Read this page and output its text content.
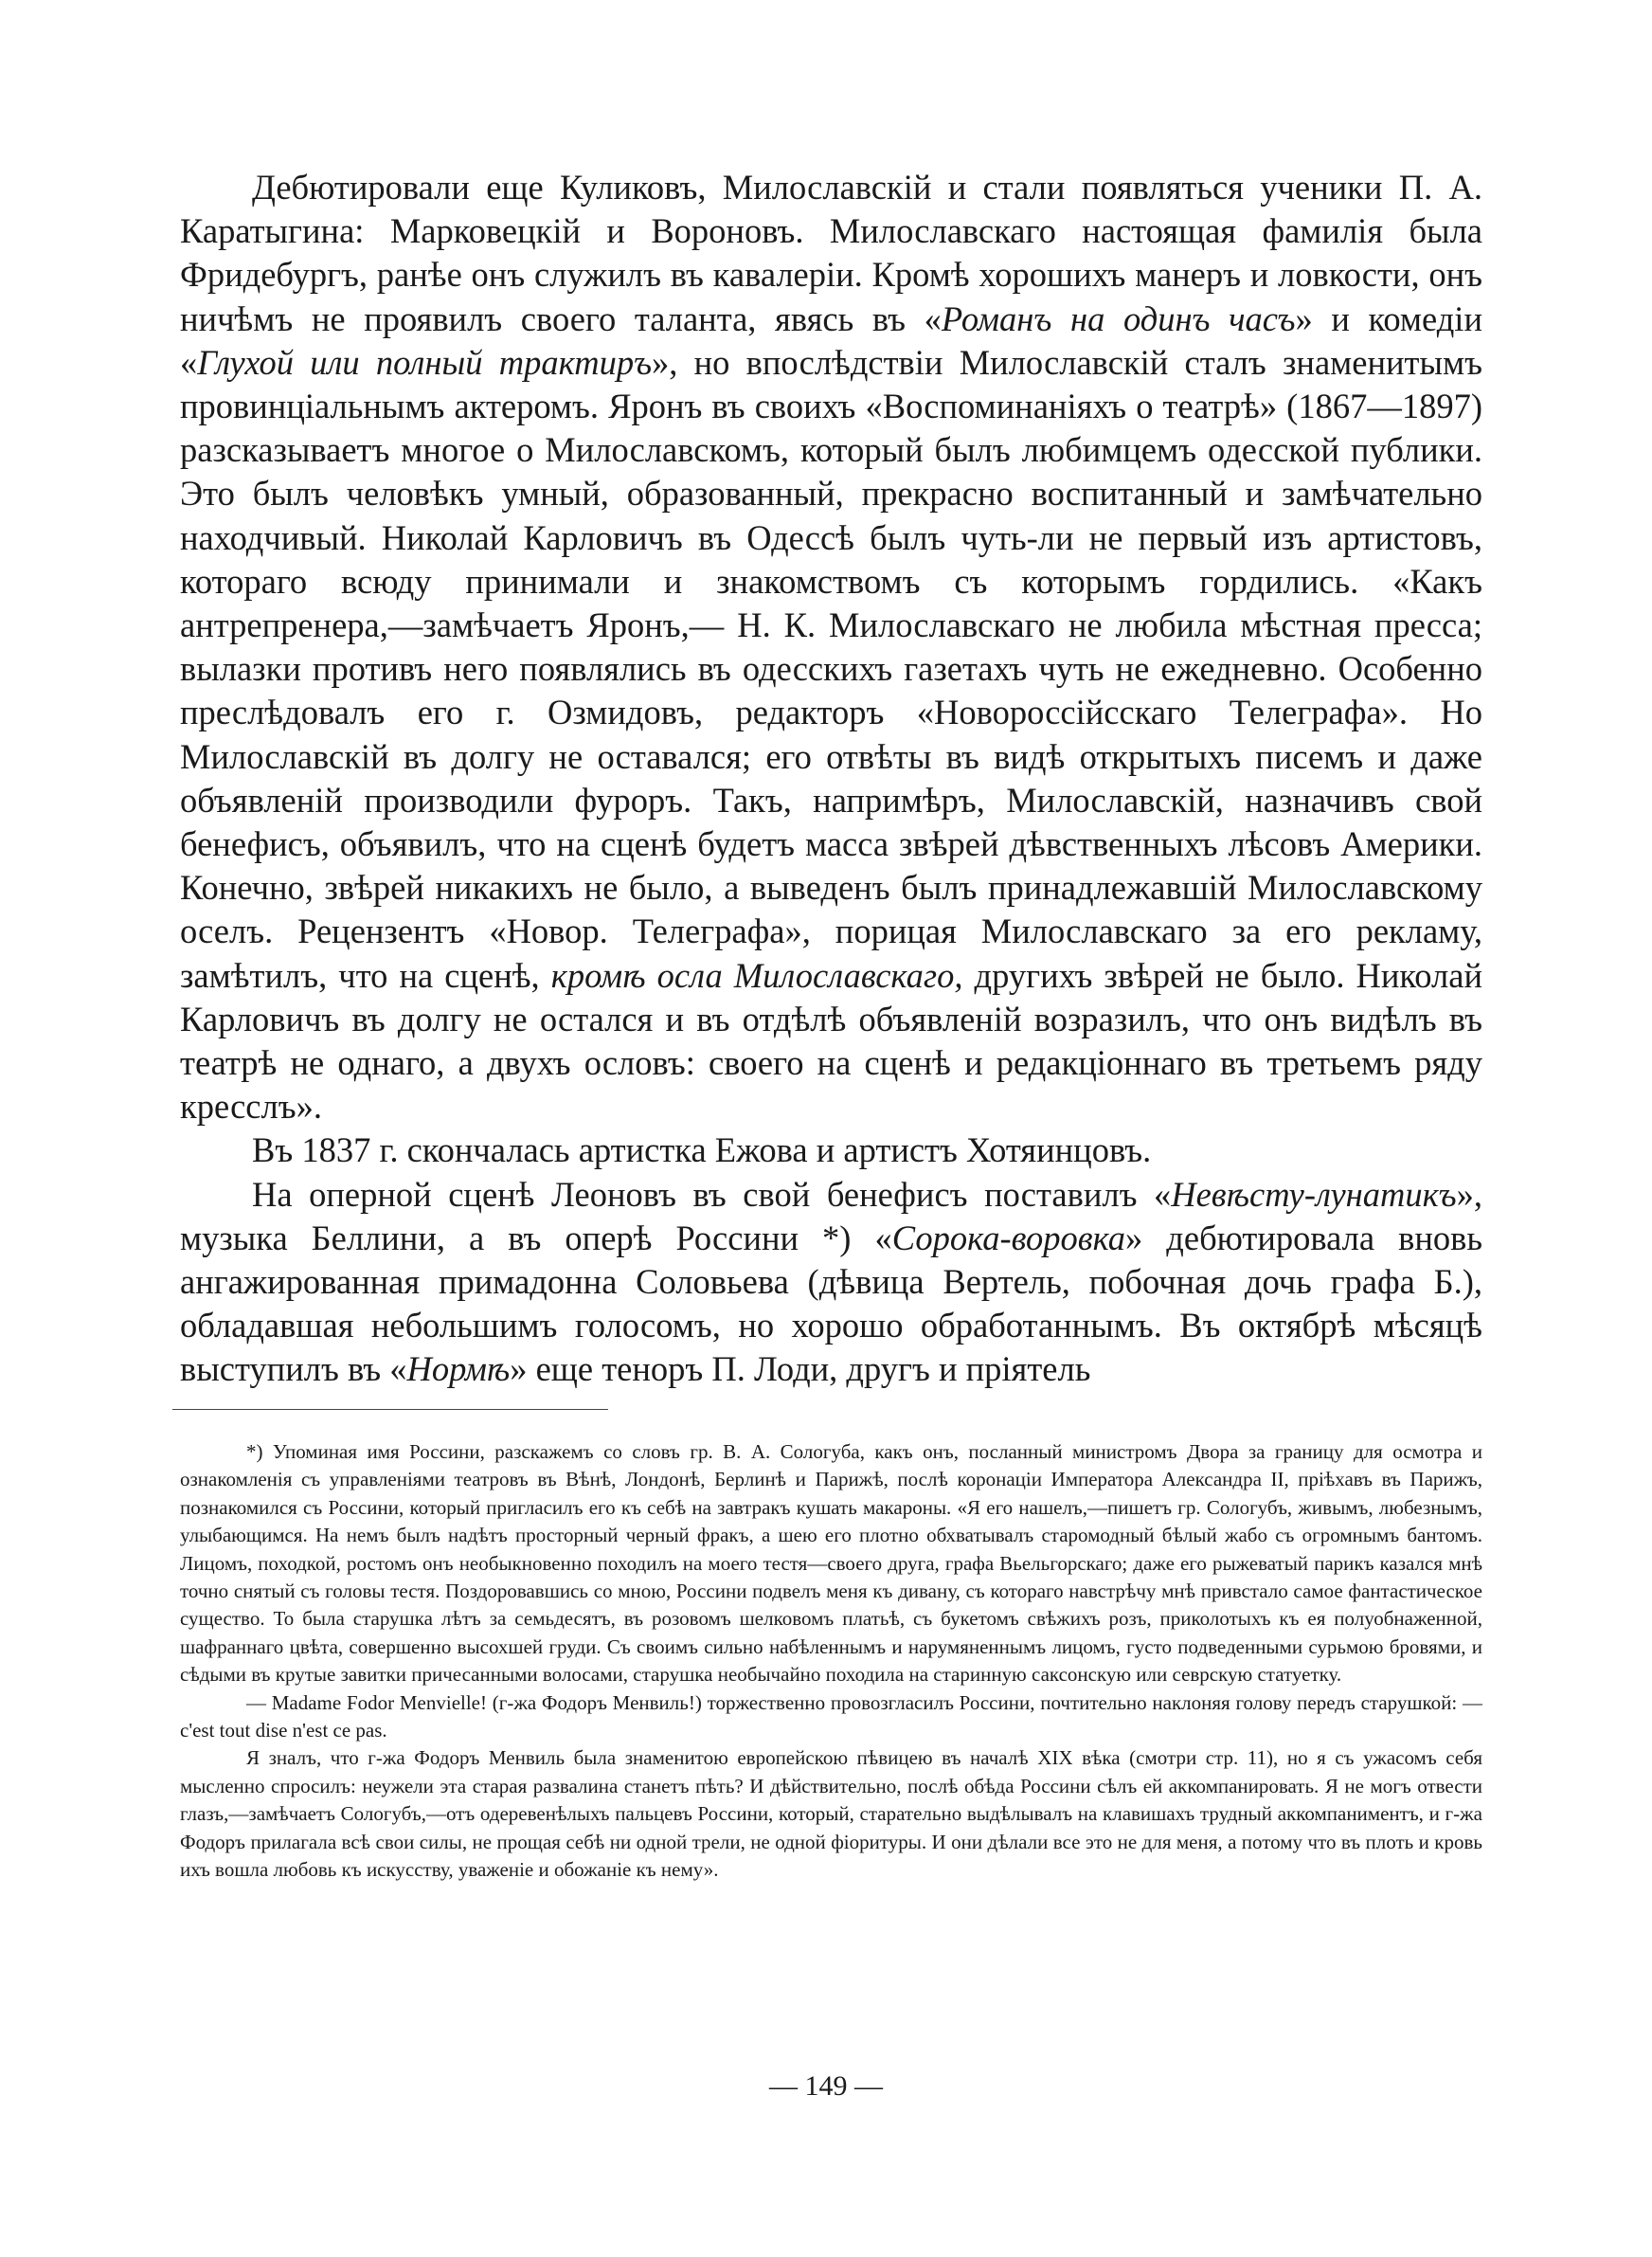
Дебютировали еще Куликовъ, Милославскій и стали появляться ученики П. А. Каратыгина: Марковецкій и Вороновъ. Милославскаго настоящая фамилія была Фридебургъ, ранѣе онъ служилъ въ кавалеріи. Кромѣ хорошихъ манеръ и ловкости, онъ ничѣмъ не проявилъ своего таланта, явясь въ «Романъ на одинъ часъ» и комедіи «Глухой или полный трактиръ», но впослѣдствіи Милославскій сталъ знаменитымъ провинціальнымъ актеромъ. Яронъ въ своихъ «Воспоминаніяхъ о театрѣ» (1867—1897) разсказываетъ многое о Милославскомъ, который былъ любимцемъ одесской публики. Это былъ человѣкъ умный, образованный, прекрасно воспитанный и замѣчательно находчивый. Николай Карловичъ въ Одессѣ былъ чуть-ли не первый изъ артистовъ, котораго всюду принимали и знакомствомъ съ которымъ гордились. «Какъ антрепренера,—замѣчаетъ Яронъ,— Н. К. Милославскаго не любила мѣстная пресса; вылазки противъ него появлялись въ одесскихъ газетахъ чуть не ежедневно. Особенно преслѣдовалъ его г. Озмидовъ, редакторъ «Новороссійсскаго Телеграфа». Но Милославскій въ долгу не оставался; его отвѣты въ видѣ открытыхъ писемъ и даже объявленій производили фуроръ. Такъ, напримѣръ, Милославскій, назначивъ свой бенефисъ, объявилъ, что на сценѣ будетъ масса звѣрей дѣвственныхъ лѣсовъ Америки. Конечно, звѣрей никакихъ не было, а выведенъ былъ принадлежавшій Милославскому оселъ. Рецензентъ «Новор. Телеграфа», порицая Милославскаго за его рекламу, замѣтилъ, что на сценѣ, кромѣ осла Милославскаго, другихъ звѣрей не было. Николай Карловичъ въ долгу не остался и въ отдѣлѣ объявленій возразилъ, что онъ видѣлъ въ театрѣ не однаго, а двухъ ословъ: своего на сценѣ и редакціоннаго въ третьемъ ряду кресслъ».

Въ 1837 г. скончалась артистка Ежова и артистъ Хотяинцовъ.

На оперной сценѣ Леоновъ въ свой бенефисъ поставилъ «Невѣсту-лунатикъ», музыка Беллини, а въ оперѣ Россини *) «Сорока-воровка» дебютировала вновь ангажированная примадонна Соловьева (дѣвица Вертель, побочная дочь графа Б.), обладавшая небольшимъ голосомъ, но хорошо обработаннымъ. Въ октябрѣ мѣсяцѣ выступилъ въ «Нормѣ» еще теноръ П. Лоди, другъ и пріятель

*) Упоминая имя Россини, разскажемъ со словъ гр. В. А. Сологуба, какъ онъ, посланный министромъ Двора за границу для осмотра и ознакомленія съ управленіями театровъ въ Вѣнѣ, Лондонѣ, Берлинѣ и Парижѣ, послѣ коронаціи Императора Александра II, пріѣхавъ въ Парижъ, познакомился съ Россини, который пригласилъ его къ себѣ на завтракъ кушать макароны. «Я его нашелъ,—пишетъ гр. Сологубъ, живымъ, любезнымъ, улыбающимся. На немъ былъ надѣтъ просторный черный фракъ, а шею его плотно обхватывалъ старомодный бѣлый жабо съ огромнымъ бантомъ. Лицомъ, походкой, ростомъ онъ необыкновенно походилъ на моего тестя—своего друга, графа Вьельгорскаго; даже его рыжеватый парикъ казался мнѣ точно снятый съ головы тестя. Поздоровавшись со мною, Россини подвелъ меня къ дивану, съ котораго навстрѣчу мнѣ привстало самое фантастическое существо. То была старушка лѣтъ за семьдесятъ, въ розовомъ шелковомъ платьѣ, съ букетомъ свѣжихъ розъ, приколотыхъ къ ея полуобнаженной, шафраннаго цвѣта, совершенно высохшей груди. Съ своимъ сильно набѣленнымъ и нарумяненнымъ лицомъ, густо подведенными сурьмою бровями, и сѣдыми въ крутые завитки причесанными волосами, старушка необычайно походила на старинную саксонскую или севрскую статуетку.

— Madame Fodor Menvielle! (г-жа Фодоръ Менвиль!) торжественно провозгласилъ Россини, почтительно наклоняя голову передъ старушкой: — c'est tout dise n'est ce pas.

Я зналъ, что г-жа Фодоръ Менвиль была знаменитою европейскою пѣвицею въ началѣ XIX вѣка (смотри стр. 11), но я съ ужасомъ себя мысленно спросилъ: неужели эта старая развалина станетъ пѣть? И дѣйствительно, послѣ обѣда Россини сѣлъ ей аккомпанировать. Я не могъ отвести глазъ,—замѣчаетъ Сологубъ,—отъ одеревенѣлыхъ пальцевъ Россини, который, старательно выдѣлывалъ на клавишахъ трудный аккомпаниментъ, и г-жа Фодоръ прилагала всѣ свои силы, не прощая себѣ ни одной трели, не одной фіоритуры. И они дѣлали все это не для меня, а потому что въ плоть и кровь ихъ вошла любовь къ искусству, уваженіе и обожаніе къ нему».

— 149 —
